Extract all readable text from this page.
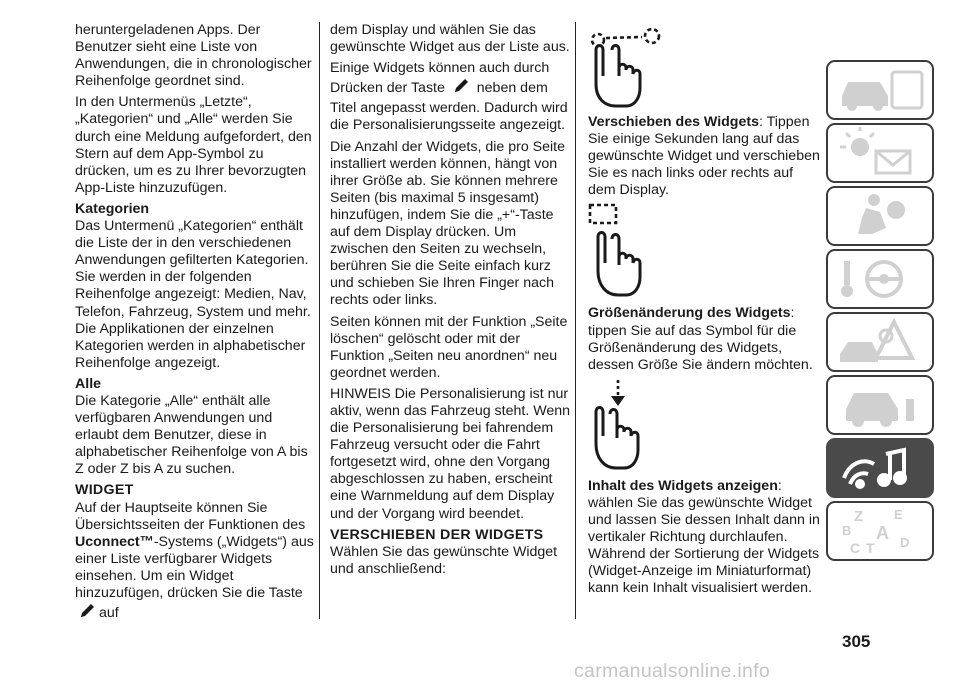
heruntergeladenen Apps. Der Benutzer sieht eine Liste von Anwendungen, die in chronologischer Reihenfolge geordnet sind.

In den Untermenüs „Letzte“, „Kategorien“ und „Alle“ werden Sie durch eine Meldung aufgefordert, den Stern auf dem App-Symbol zu drücken, um es zu Ihrer bevorzugten App-Liste hinzuzufügen.

Kategorien

Das Untermenü „Kategorien“ enthält die Liste der in den verschiedenen Anwendungen gefilterten Kategorien. Sie werden in der folgenden Reihenfolge angezeigt: Medien, Nav, Telefon, Fahrzeug, System und mehr. Die Applikationen der einzelnen Kategorien werden in alphabetischer Reihenfolge angezeigt.

Alle

Die Kategorie „Alle“ enthält alle verfügbaren Anwendungen und erlaubt dem Benutzer, diese in alphabetischer Reihenfolge von A bis Z oder Z bis A zu suchen.

WIDGET

Auf der Hauptseite können Sie Übersichtsseiten der Funktionen des Uconnect™-Systems („Widgets“) aus einer Liste verfügbarer Widgets einsehen. Um ein Widget hinzuzufügen, drücken Sie die Taste auf

dem Display und wählen Sie das gewünschte Widget aus der Liste aus.

Einige Widgets können auch durch Drücken der Taste neben dem Titel angepasst werden. Dadurch wird die Personalisierungsseite angezeigt.

Die Anzahl der Widgets, die pro Seite installiert werden können, hängt von ihrer Größe ab. Sie können mehrere Seiten (bis maximal 5 insgesamt) hinzufügen, indem Sie die „+“-Taste auf dem Display drücken. Um zwischen den Seiten zu wechseln, berühren Sie die Seite einfach kurz und schieben Sie Ihren Finger nach rechts oder links.

Seiten können mit der Funktion „Seite löschen“ gelöscht oder mit der Funktion „Seiten neu anordnen“ neu geordnet werden.

HINWEIS Die Personalisierung ist nur aktiv, wenn das Fahrzeug steht. Wenn die Personalisierung bei fahrendem Fahrzeug versucht oder die Fahrt fortgesetzt wird, ohne den Vorgang abgeschlossen zu haben, erscheint eine Warnmeldung auf dem Display und der Vorgang wird beendet.

VERSCHIEBEN DER WIDGETS

Wählen Sie das gewünschte Widget und anschließend:

Verschieben des Widgets: Tippen Sie einige Sekunden lang auf das gewünschte Widget und verschieben Sie es nach links oder rechts auf dem Display.

Größenänderung des Widgets: tippen Sie auf das Symbol für die Größenänderung des Widgets, dessen Größe Sie ändern möchten.

Inhalt des Widgets anzeigen: wählen Sie das gewünschte Widget und lassen Sie dessen Inhalt dann in vertikaler Richtung durchlaufen. Während der Sortierung der Widgets (Widget-Anzeige im Miniaturformat) kann kein Inhalt visualisiert werden.

Z E
B A
C T D
305
carmanualsonline.info
